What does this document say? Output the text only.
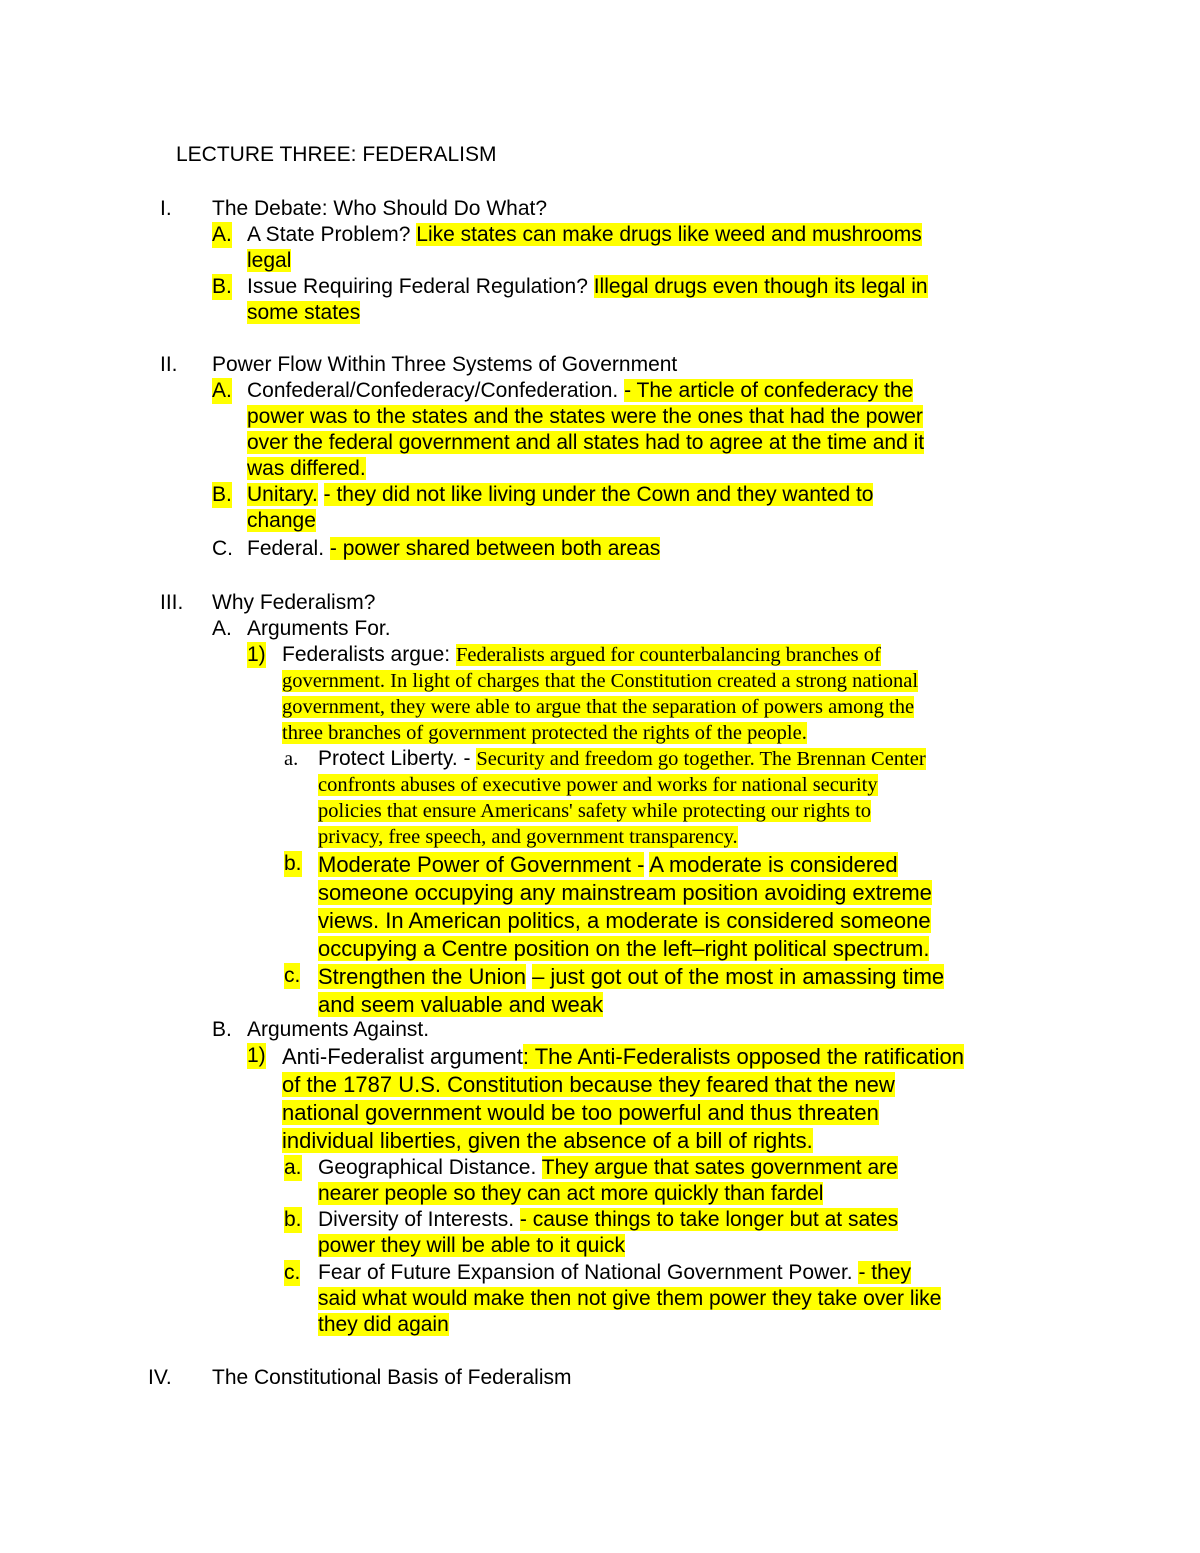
LECTURE THREE: FEDERALISM
I. The Debate: Who Should Do What?
A. A State Problem? Like states can make drugs like weed and mushrooms
legal
B. Issue Requiring Federal Regulation? Illegal drugs even though its legal in
some states
II. Power Flow Within Three Systems of Government
A. Confederal/Confederacy/Confederation. - The article of confederacy the
power was to the states and the states were the ones that had the power
over the federal government and all states had to agree at the time and it
was differed.
B. Unitary. - they did not like living under the Cown and they wanted to
change
C. Federal. - power shared between both areas
III. Why Federalism?
A. Arguments For.
1) Federalists argue: Federalists argued for counterbalancing branches of
government. In light of charges that the Constitution created a strong national
government, they were able to argue that the separation of powers among the
three branches of government protected the rights of the people.
a. Protect Liberty. - Security and freedom go together. The Brennan Center
confronts abuses of executive power and works for national security
policies that ensure Americans' safety while protecting our rights to
privacy, free speech, and government transparency.
b. Moderate Power of Government - A moderate is considered
someone occupying any mainstream position avoiding extreme
views. In American politics, a moderate is considered someone
occupying a Centre position on the left–right political spectrum.
c. Strengthen the Union – just got out of the most in amassing time
and seem valuable and weak
B. Arguments Against.
1) Anti-Federalist argument: The Anti-Federalists opposed the ratification
of the 1787 U.S. Constitution because they feared that the new
national government would be too powerful and thus threaten
individual liberties, given the absence of a bill of rights.
a. Geographical Distance. They argue that sates government are
nearer people so they can act more quickly than fardel
b. Diversity of Interests. - cause things to take longer but at sates
power they will be able to it quick
c. Fear of Future Expansion of National Government Power. - they
said what would make then not give them power they take over like
they did again
IV. The Constitutional Basis of Federalism
